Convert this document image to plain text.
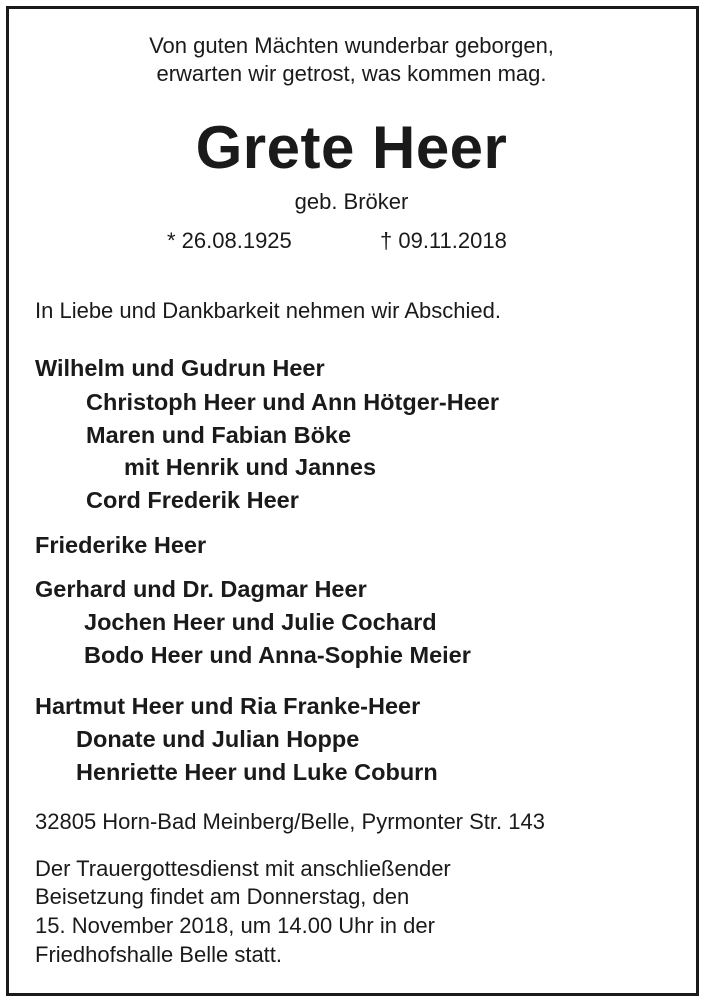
Von guten Mächten wunderbar geborgen,
erwarten wir getrost, was kommen mag.
Grete Heer
geb. Bröker
* 26.08.1925	† 09.11.2018
In Liebe und Dankbarkeit nehmen wir Abschied.
Wilhelm und Gudrun Heer
Christoph Heer und Ann Hötger-Heer
Maren und Fabian Böke
mit Henrik und Jannes
Cord Frederik Heer
Friederike Heer
Gerhard und Dr. Dagmar Heer
Jochen Heer und Julie Cochard
Bodo Heer und Anna-Sophie Meier
Hartmut Heer und Ria Franke-Heer
Donate und Julian Hoppe
Henriette Heer und Luke Coburn
32805 Horn-Bad Meinberg/Belle, Pyrmonter Str. 143
Der Trauergottesdienst mit anschließender
Beisetzung findet am Donnerstag, den
15. November 2018, um 14.00 Uhr in der
Friedhofshalle Belle statt.
